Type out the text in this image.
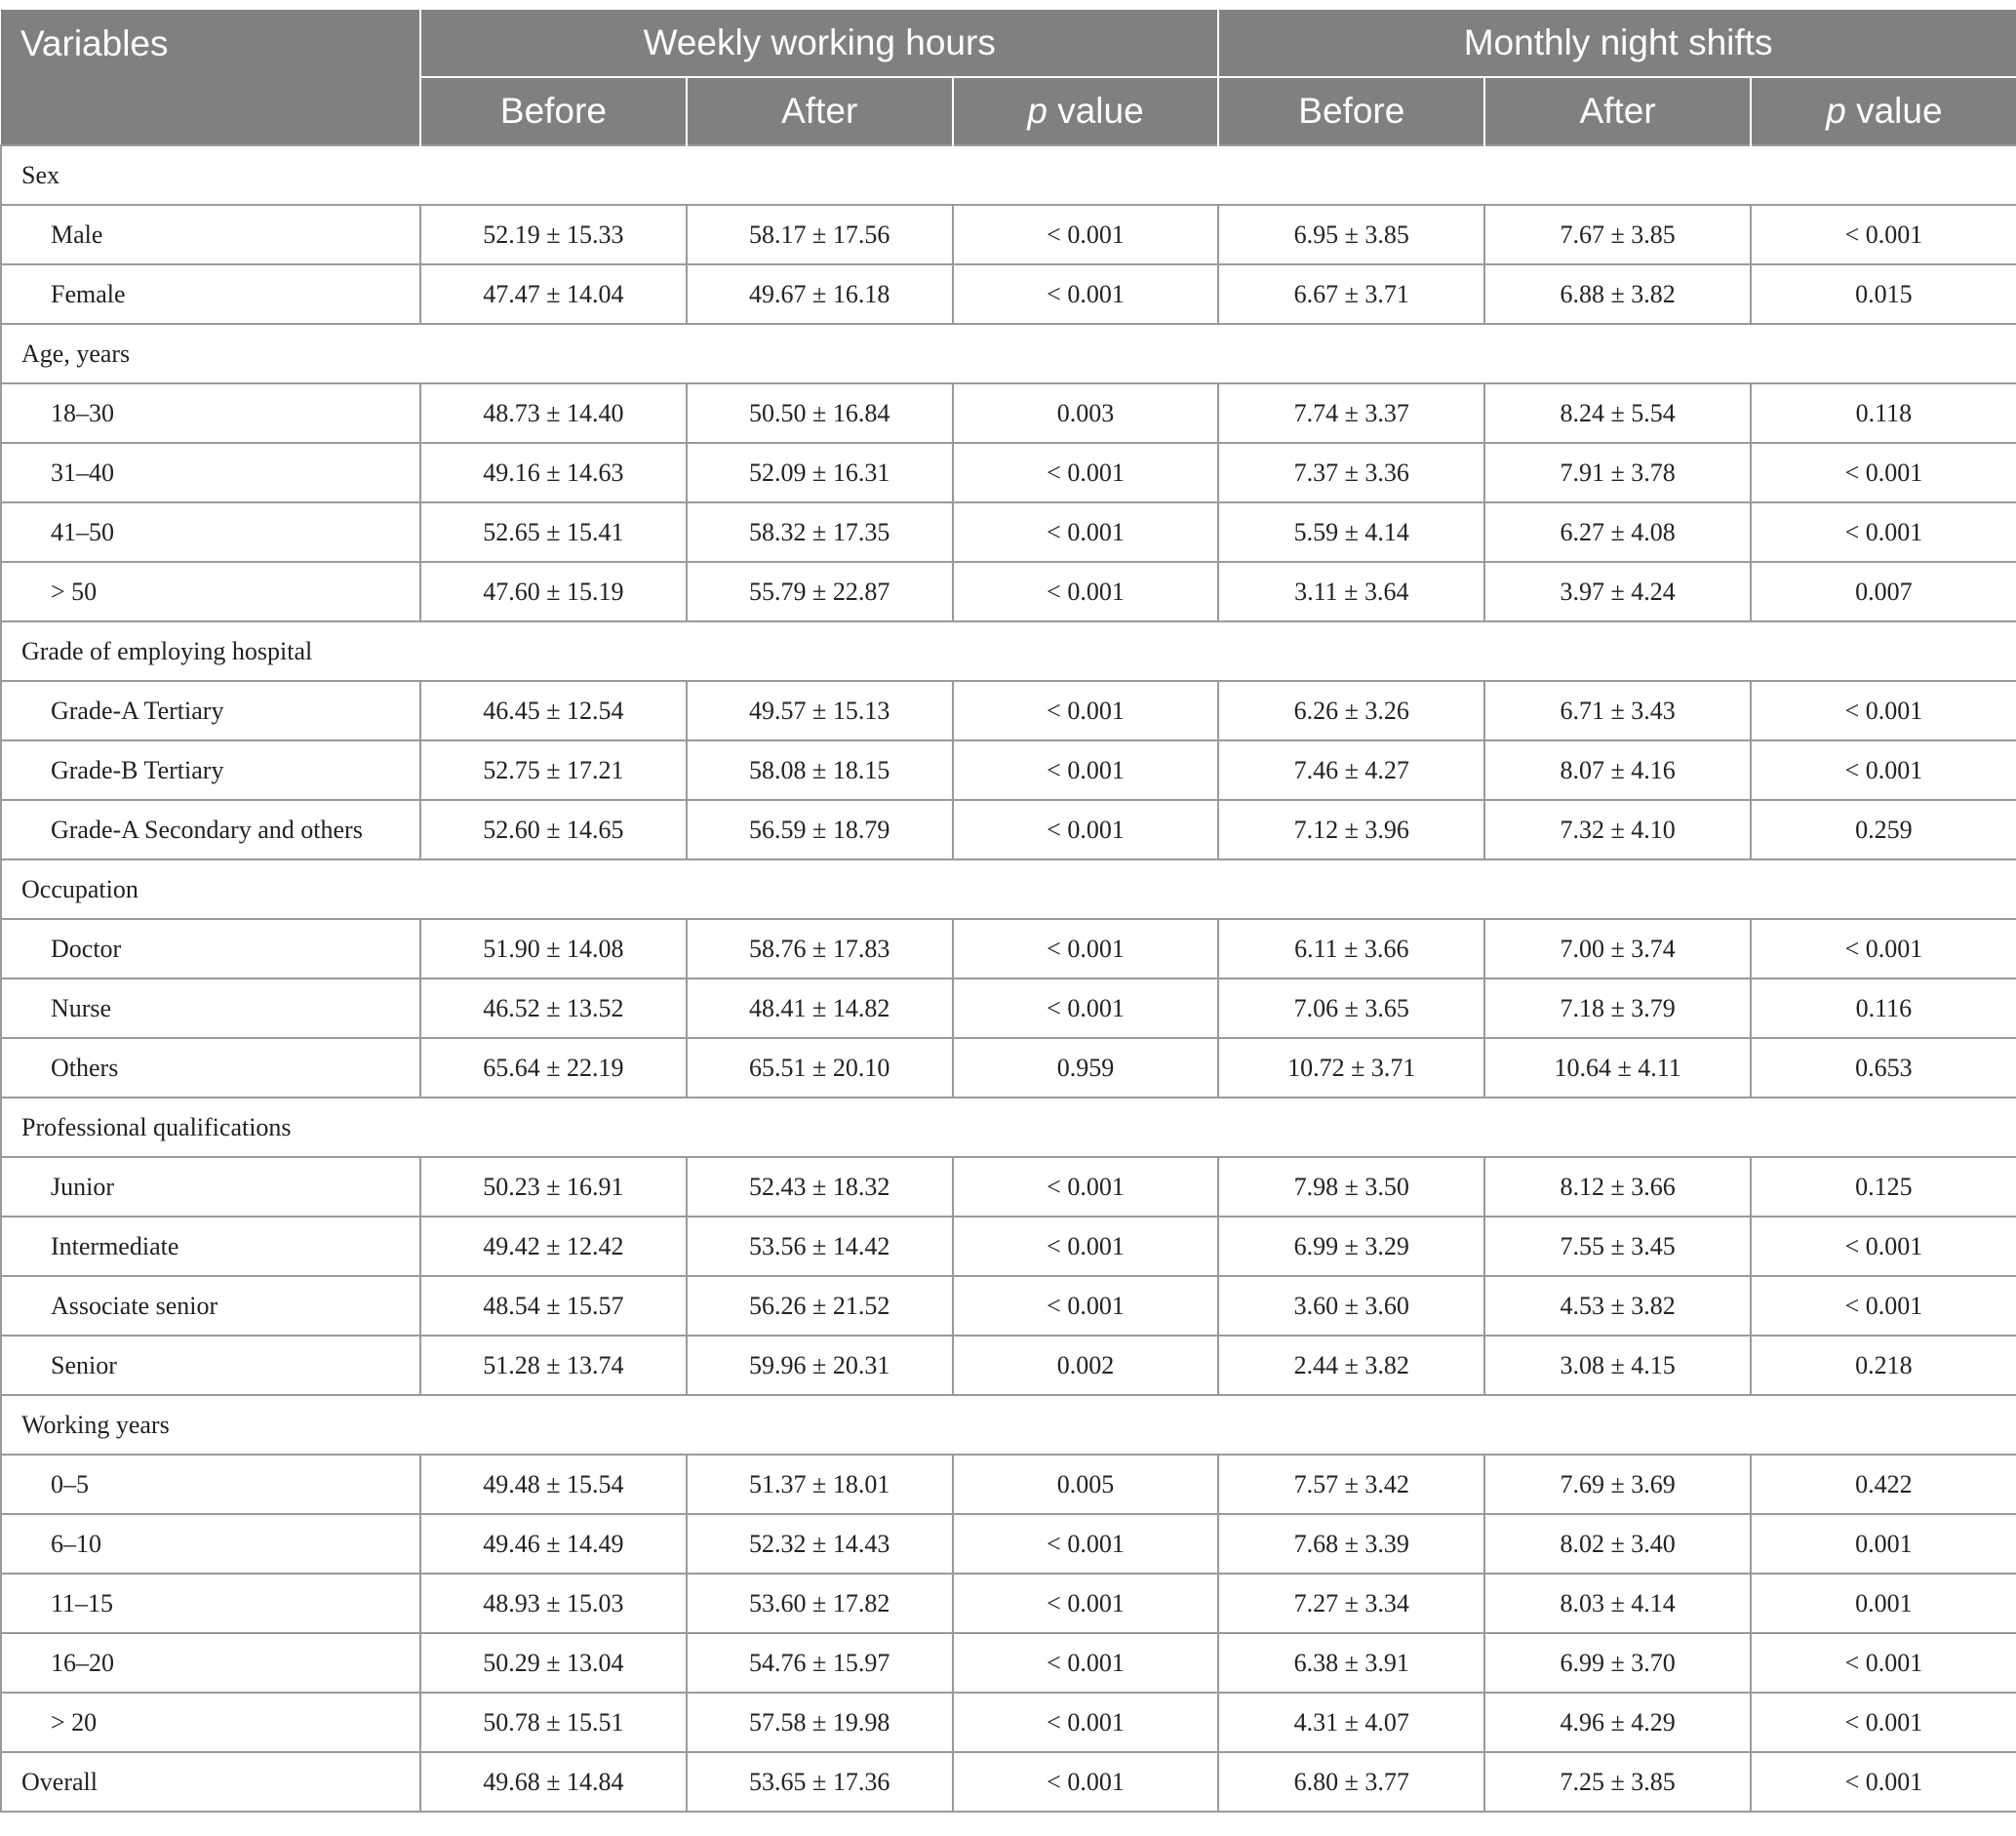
Variables	Weekly working hours			Monthly night shifts		
	Before	After	p value	Before	After	p value
Sex						
Male	52.19 ± 15.33	58.17 ± 17.56	< 0.001	6.95 ± 3.85	7.67 ± 3.85	< 0.001
Female	47.47 ± 14.04	49.67 ± 16.18	< 0.001	6.67 ± 3.71	6.88 ± 3.82	0.015
Age, years						
18–30	48.73 ± 14.40	50.50 ± 16.84	0.003	7.74 ± 3.37	8.24 ± 5.54	0.118
31–40	49.16 ± 14.63	52.09 ± 16.31	< 0.001	7.37 ± 3.36	7.91 ± 3.78	< 0.001
41–50	52.65 ± 15.41	58.32 ± 17.35	< 0.001	5.59 ± 4.14	6.27 ± 4.08	< 0.001
> 50	47.60 ± 15.19	55.79 ± 22.87	< 0.001	3.11 ± 3.64	3.97 ± 4.24	0.007
Grade of employing hospital						
Grade-A Tertiary	46.45 ± 12.54	49.57 ± 15.13	< 0.001	6.26 ± 3.26	6.71 ± 3.43	< 0.001
Grade-B Tertiary	52.75 ± 17.21	58.08 ± 18.15	< 0.001	7.46 ± 4.27	8.07 ± 4.16	< 0.001
Grade-A Secondary and others	52.60 ± 14.65	56.59 ± 18.79	< 0.001	7.12 ± 3.96	7.32 ± 4.10	0.259
Occupation						
Doctor	51.90 ± 14.08	58.76 ± 17.83	< 0.001	6.11 ± 3.66	7.00 ± 3.74	< 0.001
Nurse	46.52 ± 13.52	48.41 ± 14.82	< 0.001	7.06 ± 3.65	7.18 ± 3.79	0.116
Others	65.64 ± 22.19	65.51 ± 20.10	0.959	10.72 ± 3.71	10.64 ± 4.11	0.653
Professional qualifications						
Junior	50.23 ± 16.91	52.43 ± 18.32	< 0.001	7.98 ± 3.50	8.12 ± 3.66	0.125
Intermediate	49.42 ± 12.42	53.56 ± 14.42	< 0.001	6.99 ± 3.29	7.55 ± 3.45	< 0.001
Associate senior	48.54 ± 15.57	56.26 ± 21.52	< 0.001	3.60 ± 3.60	4.53 ± 3.82	< 0.001
Senior	51.28 ± 13.74	59.96 ± 20.31	0.002	2.44 ± 3.82	3.08 ± 4.15	0.218
Working years						
0–5	49.48 ± 15.54	51.37 ± 18.01	0.005	7.57 ± 3.42	7.69 ± 3.69	0.422
6–10	49.46 ± 14.49	52.32 ± 14.43	< 0.001	7.68 ± 3.39	8.02 ± 3.40	0.001
11–15	48.93 ± 15.03	53.60 ± 17.82	< 0.001	7.27 ± 3.34	8.03 ± 4.14	0.001
16–20	50.29 ± 13.04	54.76 ± 15.97	< 0.001	6.38 ± 3.91	6.99 ± 3.70	< 0.001
> 20	50.78 ± 15.51	57.58 ± 19.98	< 0.001	4.31 ± 4.07	4.96 ± 4.29	< 0.001
Overall	49.68 ± 14.84	53.65 ± 17.36	< 0.001	6.80 ± 3.77	7.25 ± 3.85	< 0.001
